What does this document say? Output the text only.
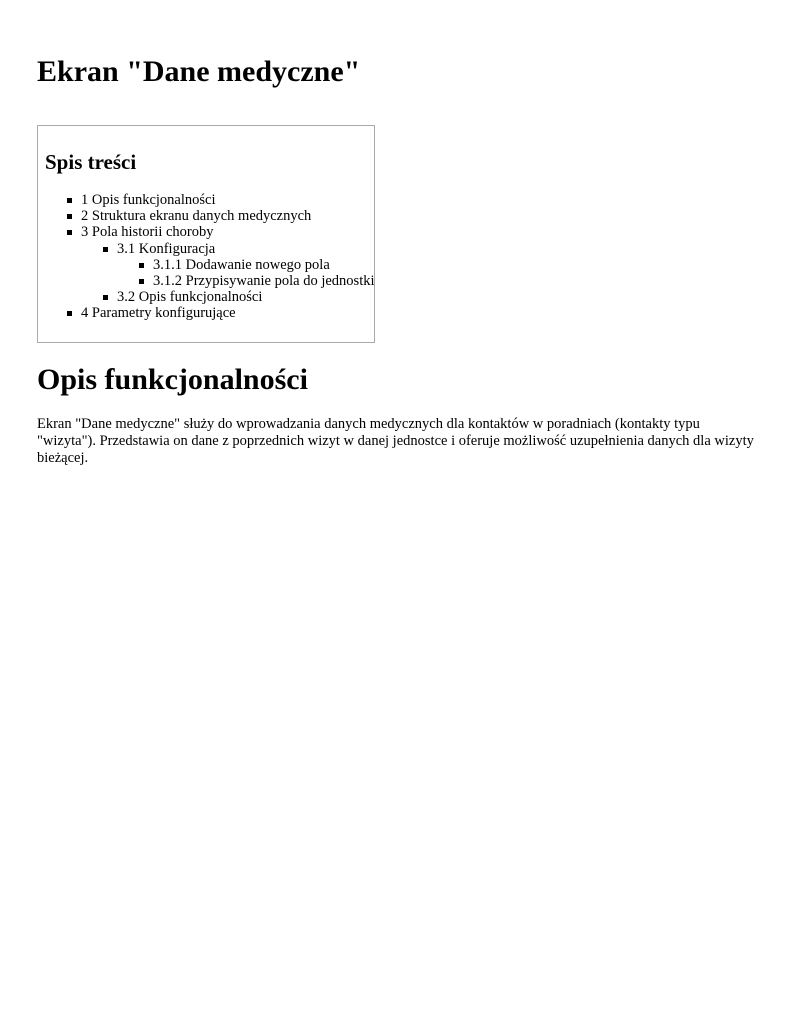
Ekran "Dane medyczne"
Spis treści
1 Opis funkcjonalności
2 Struktura ekranu danych medycznych
3 Pola historii choroby
3.1 Konfiguracja
3.1.1 Dodawanie nowego pola
3.1.2 Przypisywanie pola do jednostki
3.2 Opis funkcjonalności
4 Parametry konfigurujące
Opis funkcjonalności

Ekran "Dane medyczne" służy do wprowadzania danych medycznych dla kontaktów w poradniach (kontakty typu "wizyta"). Przedstawia on dane z poprzednich wizyt w danej jednostce i oferuje możliwość uzupełnienia danych dla wizyty bieżącej.
